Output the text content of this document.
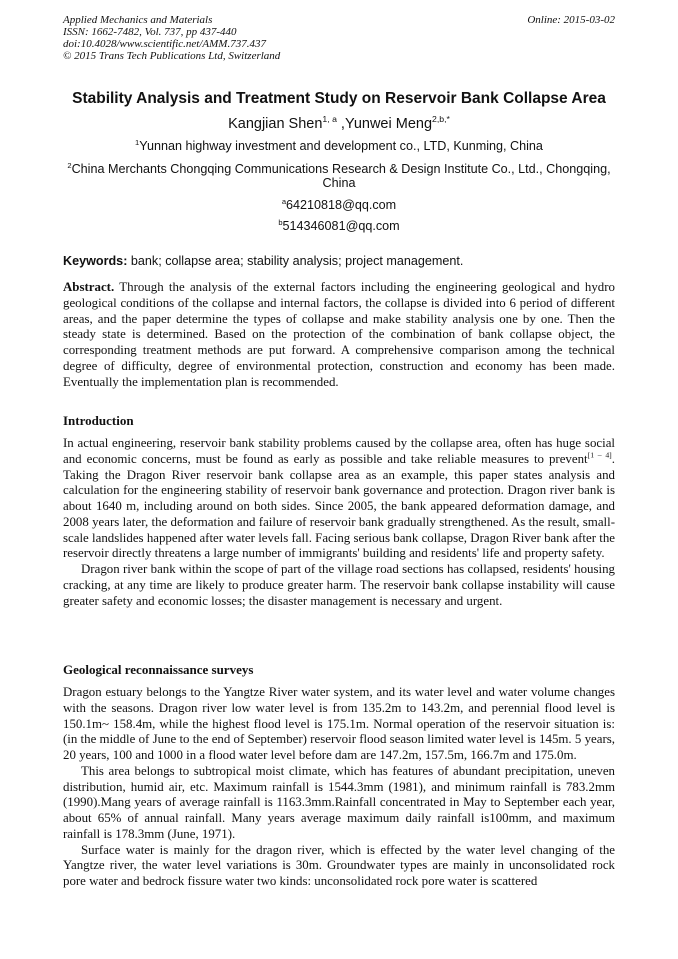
Applied Mechanics and Materials
ISSN: 1662-7482, Vol. 737, pp 437-440
doi:10.4028/www.scientific.net/AMM.737.437
© 2015 Trans Tech Publications Ltd, Switzerland
Online: 2015-03-02
Stability Analysis and Treatment Study on Reservoir Bank Collapse Area
Kangjian Shen$^{1, a}$ ,Yunwei Meng$^{2,b,*}$
$^1$Yunnan highway investment and development co., LTD, Kunming, China
$^2$China Merchants Chongqing Communications Research & Design Institute Co., Ltd., Chongqing, China
$^a$64210818@qq.com
$^b$514346081@qq.com
Keywords: bank; collapse area; stability analysis; project management.

Abstract. Through the analysis of the external factors including the engineering geological and hydro geological conditions of the collapse and internal factors, the collapse is divided into 6 period of different areas, and the paper determine the types of collapse and make stability analysis one by one. Then the steady state is determined. Based on the protection of the combination of bank collapse object, the corresponding treatment methods are put forward. A comprehensive comparison among the technical degree of difficulty, degree of environmental protection, construction and economy has been made. Eventually the implementation plan is recommended.

Introduction

In actual engineering, reservoir bank stability problems caused by the collapse area, often has huge social and economic concerns, must be found as early as possible and take reliable measures to prevent[1 – 4]. Taking the Dragon River reservoir bank collapse area as an example, this paper states analysis and calculation for the engineering stability of reservoir bank governance and protection. Dragon river bank is about 1640 m, including around on both sides. Since 2005, the bank appeared deformation damage, and 2008 years later, the deformation and failure of reservoir bank gradually strengthened. As the result, small-scale landslides happened after water levels fall. Facing serious bank collapse, Dragon River bank after the reservoir directly threatens a large number of immigrants' building and residents' life and property safety.

Dragon river bank within the scope of part of the village road sections has collapsed, residents' housing cracking, at any time are likely to produce greater harm. The reservoir bank collapse instability will cause greater safety and economic losses; the disaster management is necessary and urgent.

Geological reconnaissance surveys

Dragon estuary belongs to the Yangtze River water system, and its water level and water volume changes with the seasons. Dragon river low water level is from 135.2m to 143.2m, and perennial flood level is 150.1m~ 158.4m, while the highest flood level is 175.1m. Normal operation of the reservoir situation is: (in the middle of June to the end of September) reservoir flood season limited water level is 145m. 5 years, 20 years, 100 and 1000 in a flood water level before dam are 147.2m, 157.5m, 166.7m and 175.0m.

This area belongs to subtropical moist climate, which has features of abundant precipitation, uneven distribution, humid air, etc. Maximum rainfall is 1544.3mm (1981), and minimum rainfall is 783.2mm (1990).Mang years of average rainfall is 1163.3mm.Rainfall concentrated in May to September each year, about 65% of annual rainfall. Many years average maximum daily rainfall is100mm, and maximum rainfall is 178.3mm (June, 1971).

Surface water is mainly for the dragon river, which is effected by the water level changing of the Yangtze river, the water level variations is 30m. Groundwater types are mainly in unconsolidated rock pore water and bedrock fissure water two kinds: unconsolidated rock pore water is scattered
